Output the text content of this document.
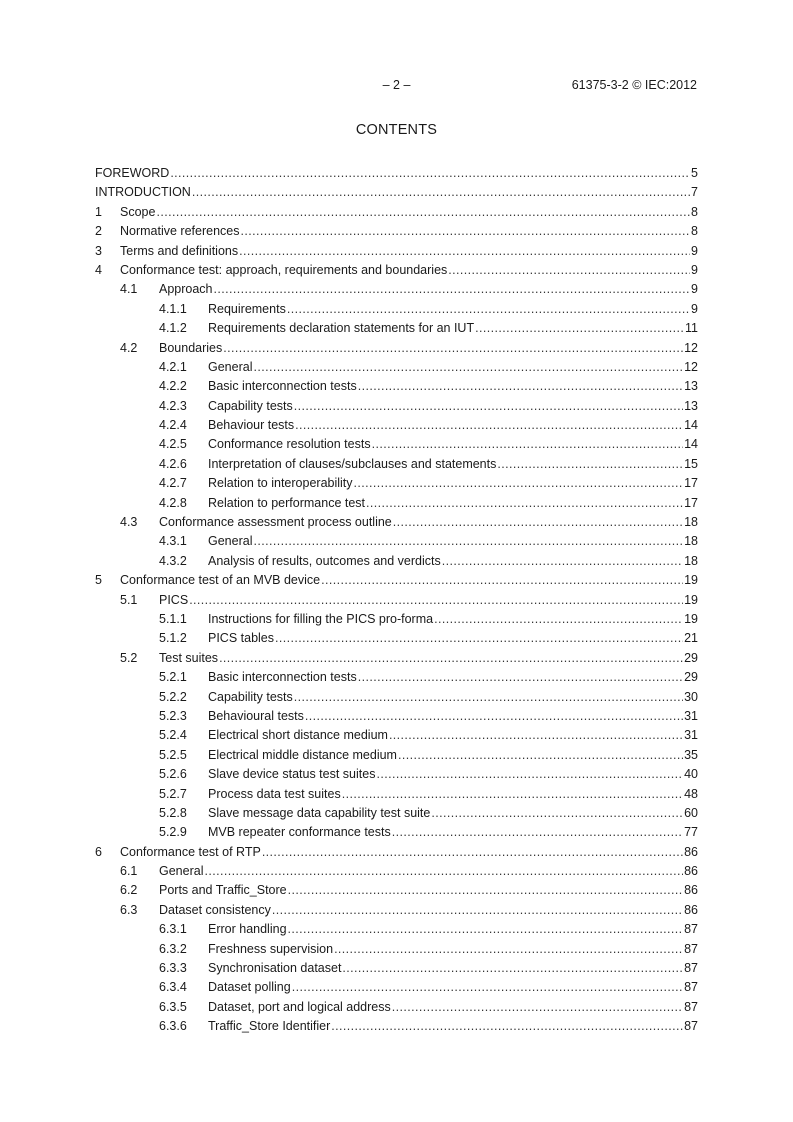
– 2 –	61375-3-2 © IEC:2012
CONTENTS
FOREWORD .....	5
INTRODUCTION .....	7
1	Scope .....	8
2	Normative references .....	8
3	Terms and definitions .....	9
4	Conformance test: approach, requirements and boundaries .....	9
4.1	Approach .....	9
4.1.1	Requirements .....	9
4.1.2	Requirements declaration statements for an IUT .....	11
4.2	Boundaries .....	12
4.2.1	General .....	12
4.2.2	Basic interconnection tests .....	13
4.2.3	Capability tests .....	13
4.2.4	Behaviour tests .....	14
4.2.5	Conformance resolution tests .....	14
4.2.6	Interpretation of clauses/subclauses and statements .....	15
4.2.7	Relation to interoperability .....	17
4.2.8	Relation to performance test .....	17
4.3	Conformance assessment process outline .....	18
4.3.1	General .....	18
4.3.2	Analysis of results, outcomes and verdicts .....	18
5	Conformance test of an MVB device .....	19
5.1	PICS .....	19
5.1.1	Instructions for filling the PICS pro-forma .....	19
5.1.2	PICS tables .....	21
5.2	Test suites .....	29
5.2.1	Basic interconnection tests .....	29
5.2.2	Capability tests .....	30
5.2.3	Behavioural tests .....	31
5.2.4	Electrical short distance medium .....	31
5.2.5	Electrical middle distance medium .....	35
5.2.6	Slave device status test suites .....	40
5.2.7	Process data test suites .....	48
5.2.8	Slave message data capability test suite .....	60
5.2.9	MVB repeater conformance tests .....	77
6	Conformance test of RTP .....	86
6.1	General .....	86
6.2	Ports and Traffic_Store .....	86
6.3	Dataset consistency .....	86
6.3.1	Error handling .....	87
6.3.2	Freshness supervision .....	87
6.3.3	Synchronisation dataset .....	87
6.3.4	Dataset polling .....	87
6.3.5	Dataset, port and logical address .....	87
6.3.6	Traffic_Store Identifier .....	87
